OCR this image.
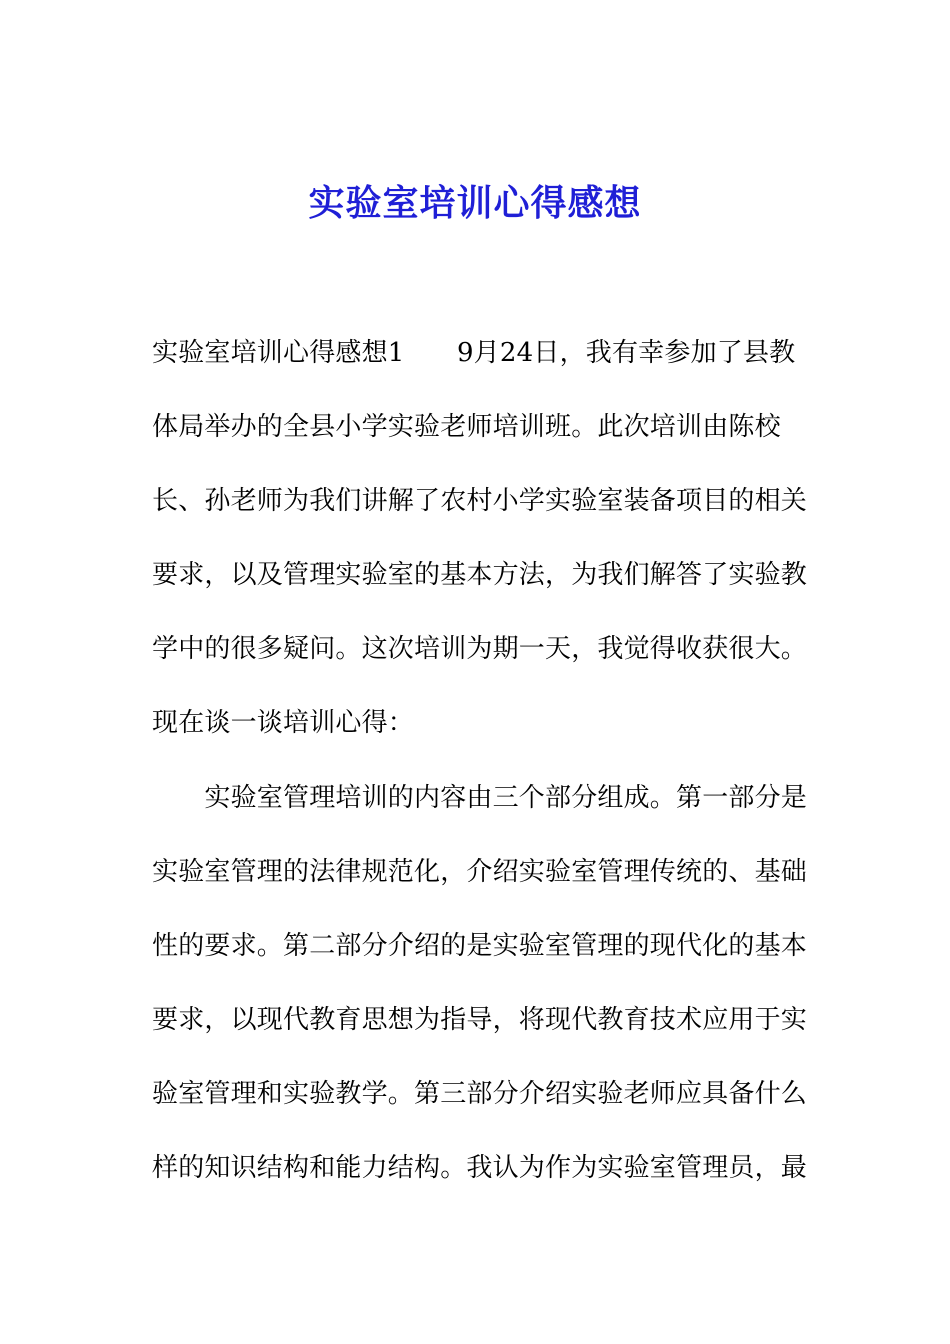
实验室培训心得感想
实验室培训心得感想1　　9月24日，我有幸参加了县教
体局举办的全县小学实验老师培训班。此次培训由陈校
长、孙老师为我们讲解了农村小学实验室装备项目的相关
要求，以及管理实验室的基本方法，为我们解答了实验教
学中的很多疑问。这次培训为期一天，我觉得收获很大。
现在谈一谈培训心得：
　　实验室管理培训的内容由三个部分组成。第一部分是
实验室管理的法律规范化，介绍实验室管理传统的、基础
性的要求。第二部分介绍的是实验室管理的现代化的基本
要求，以现代教育思想为指导，将现代教育技术应用于实
验室管理和实验教学。第三部分介绍实验老师应具备什么
样的知识结构和能力结构。我认为作为实验室管理员，最
